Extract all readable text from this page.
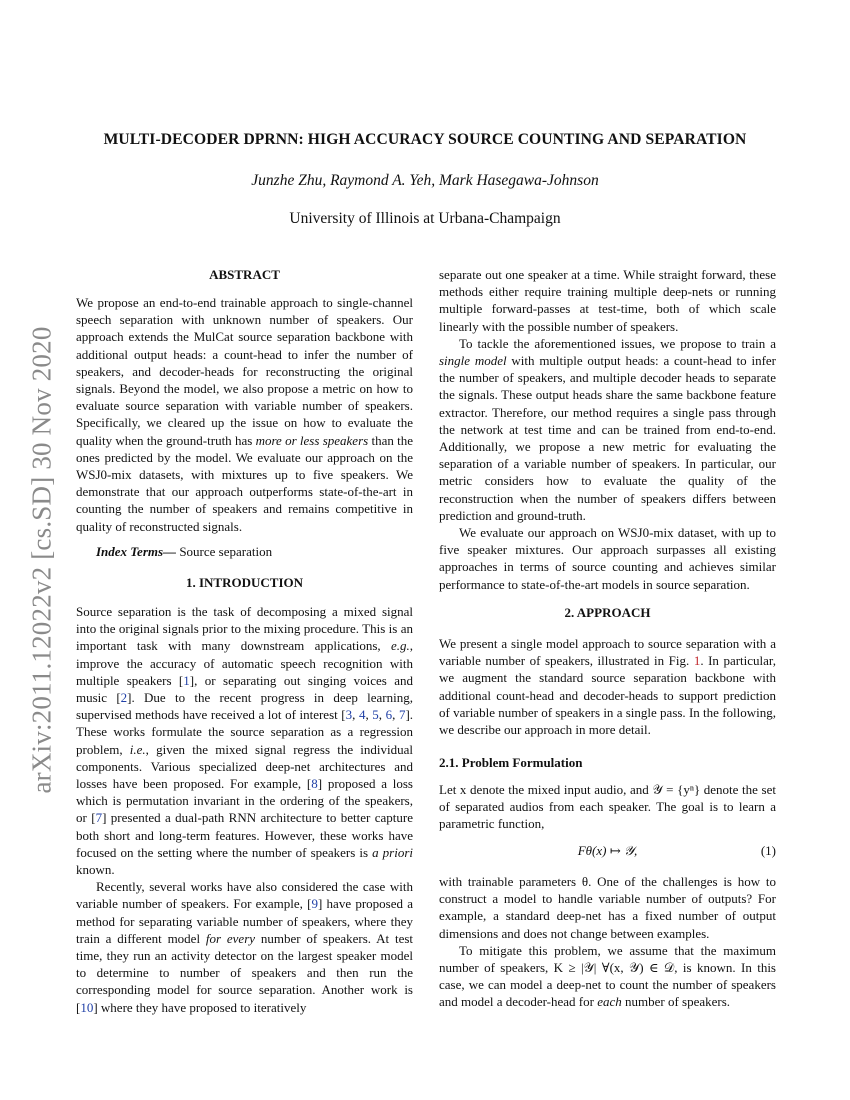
arXiv:2011.12022v2 [cs.SD] 30 Nov 2020
MULTI-DECODER DPRNN: HIGH ACCURACY SOURCE COUNTING AND SEPARATION
Junzhe Zhu, Raymond A. Yeh, Mark Hasegawa-Johnson
University of Illinois at Urbana-Champaign
ABSTRACT

We propose an end-to-end trainable approach to single-channel speech separation with unknown number of speakers. Our approach extends the MulCat source separation backbone with additional output heads: a count-head to infer the number of speakers, and decoder-heads for reconstructing the original signals. Beyond the model, we also propose a metric on how to evaluate source separation with variable number of speakers. Specifically, we cleared up the issue on how to evaluate the quality when the ground-truth has more or less speakers than the ones predicted by the model. We evaluate our approach on the WSJ0-mix datasets, with mixtures up to five speakers. We demonstrate that our approach outperforms state-of-the-art in counting the number of speakers and remains competitive in quality of reconstructed signals.

Index Terms— Source separation

1. INTRODUCTION

Source separation is the task of decomposing a mixed signal into the original signals prior to the mixing procedure. This is an important task with many downstream applications, e.g., improve the accuracy of automatic speech recognition with multiple speakers [1], or separating out singing voices and music [2]. Due to the recent progress in deep learning, supervised methods have received a lot of interest [3, 4, 5, 6, 7]. These works formulate the source separation as a regression problem, i.e., given the mixed signal regress the individual components. Various specialized deep-net architectures and losses have been proposed. For example, [8] proposed a loss which is permutation invariant in the ordering of the speakers, or [7] presented a dual-path RNN architecture to better capture both short and long-term features. However, these works have focused on the setting where the number of speakers is a priori known.

Recently, several works have also considered the case with variable number of speakers. For example, [9] have proposed a method for separating variable number of speakers, where they train a different model for every number of speakers. At test time, they run an activity detector on the largest speaker model to determine to number of speakers and then run the corresponding model for source separation. Another work is [10] where they have proposed to iteratively

separate out one speaker at a time. While straight forward, these methods either require training multiple deep-nets or running multiple forward-passes at test-time, both of which scale linearly with the possible number of speakers.

To tackle the aforementioned issues, we propose to train a single model with multiple output heads: a count-head to infer the number of speakers, and multiple decoder heads to separate the signals. These output heads share the same backbone feature extractor. Therefore, our method requires a single pass through the network at test time and can be trained from end-to-end. Additionally, we propose a new metric for evaluating the separation of a variable number of speakers. In particular, our metric considers how to evaluate the quality of the reconstruction when the number of speakers differs between prediction and ground-truth.

We evaluate our approach on WSJ0-mix dataset, with up to five speaker mixtures. Our approach surpasses all existing approaches in terms of source counting and achieves similar performance to state-of-the-art models in source separation.

2. APPROACH

We present a single model approach to source separation with a variable number of speakers, illustrated in Fig. 1. In particular, we augment the standard source separation backbone with additional count-head and decoder-heads to support prediction of variable number of speakers in a single pass. In the following, we describe our approach in more detail.

2.1. Problem Formulation

Let x denote the mixed input audio, and 𝒴 = {yⁿ} denote the set of separated audios from each speaker. The goal is to learn a parametric function,

Fθ(x) ↦ 𝒴,	(1)

with trainable parameters θ. One of the challenges is how to construct a model to handle variable number of outputs? For example, a standard deep-net has a fixed number of output dimensions and does not change between examples.

To mitigate this problem, we assume that the maximum number of speakers, K ≥ |𝒴| ∀(x, 𝒴) ∈ 𝒟, is known. In this case, we can model a deep-net to count the number of speakers and model a decoder-head for each number of speakers.
